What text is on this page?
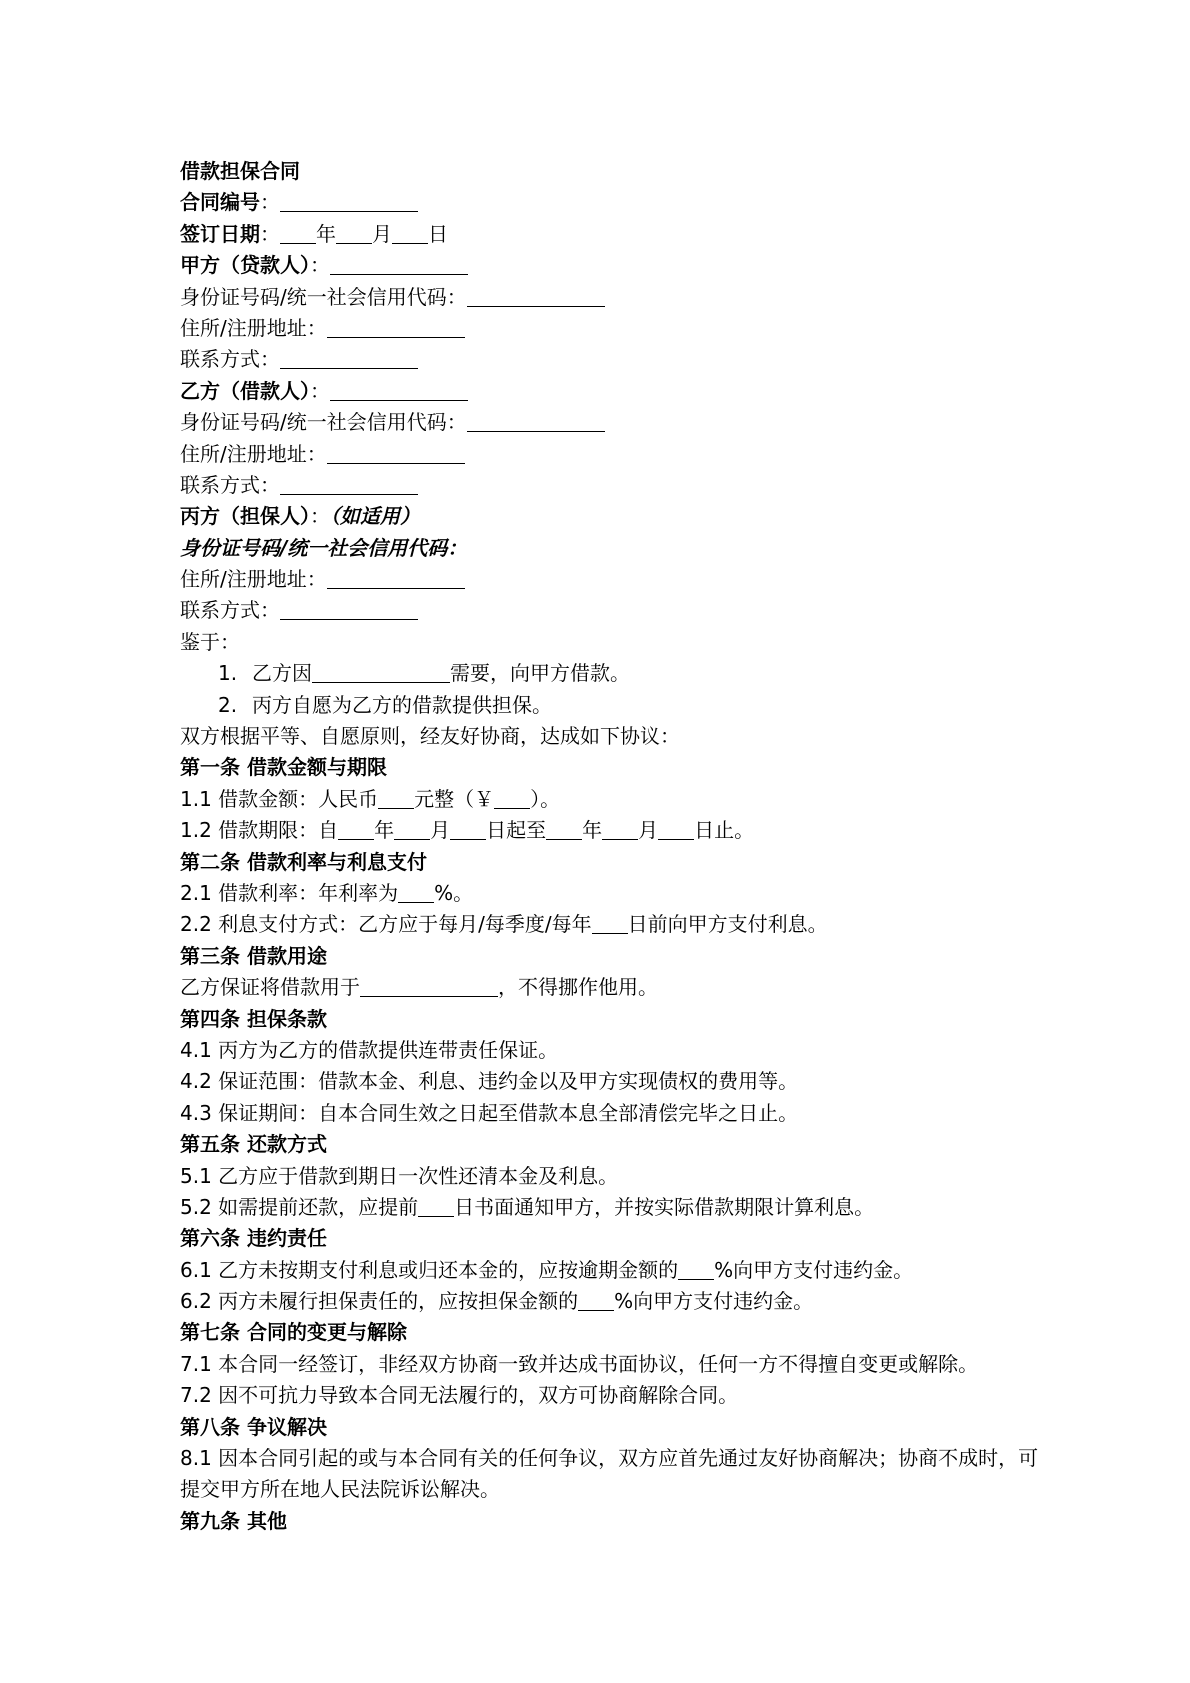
借款担保合同
合同编号：
签订日期： 年 月 日
甲方（贷款人）：
身份证号码/统一社会信用代码：
住所/注册地址：
联系方式：
乙方（借款人）：
身份证号码/统一社会信用代码：
住所/注册地址：
联系方式：
丙方（担保人）：（如适用）
身份证号码/统一社会信用代码：
住所/注册地址：
联系方式：
鉴于：
1. 乙方因	需要，向甲方借款。
2. 丙方自愿为乙方的借款提供担保。
双方根据平等、自愿原则，经友好协商，达成如下协议：
第一条 借款金额与期限
1.1 借款金额：人民币 元整（￥ ）。
1.2 借款期限：自 年 月 日起至 年 月 日止。
第二条 借款利率与利息支付
2.1 借款利率：年利率为 %。
2.2 利息支付方式：乙方应于每月/每季度/每年 日前向甲方支付利息。
第三条 借款用途
乙方保证将借款用于	，不得挪作他用。
第四条 担保条款
4.1 丙方为乙方的借款提供连带责任保证。
4.2 保证范围：借款本金、利息、违约金以及甲方实现债权的费用等。
4.3 保证期间：自本合同生效之日起至借款本息全部清偿完毕之日止。
第五条 还款方式
5.1 乙方应于借款到期日一次性还清本金及利息。
5.2 如需提前还款，应提前 日书面通知甲方，并按实际借款期限计算利息。
第六条 违约责任
6.1 乙方未按期支付利息或归还本金的，应按逾期金额的 %向甲方支付违约金。
6.2 丙方未履行担保责任的，应按担保金额的 %向甲方支付违约金。
第七条 合同的变更与解除
7.1 本合同一经签订，非经双方协商一致并达成书面协议，任何一方不得擅自变更或解除。
7.2 因不可抗力导致本合同无法履行的，双方可协商解除合同。
第八条 争议解决
8.1 因本合同引起的或与本合同有关的任何争议，双方应首先通过友好协商解决；协商不成时，可提交甲方所在地人民法院诉讼解决。
第九条 其他
